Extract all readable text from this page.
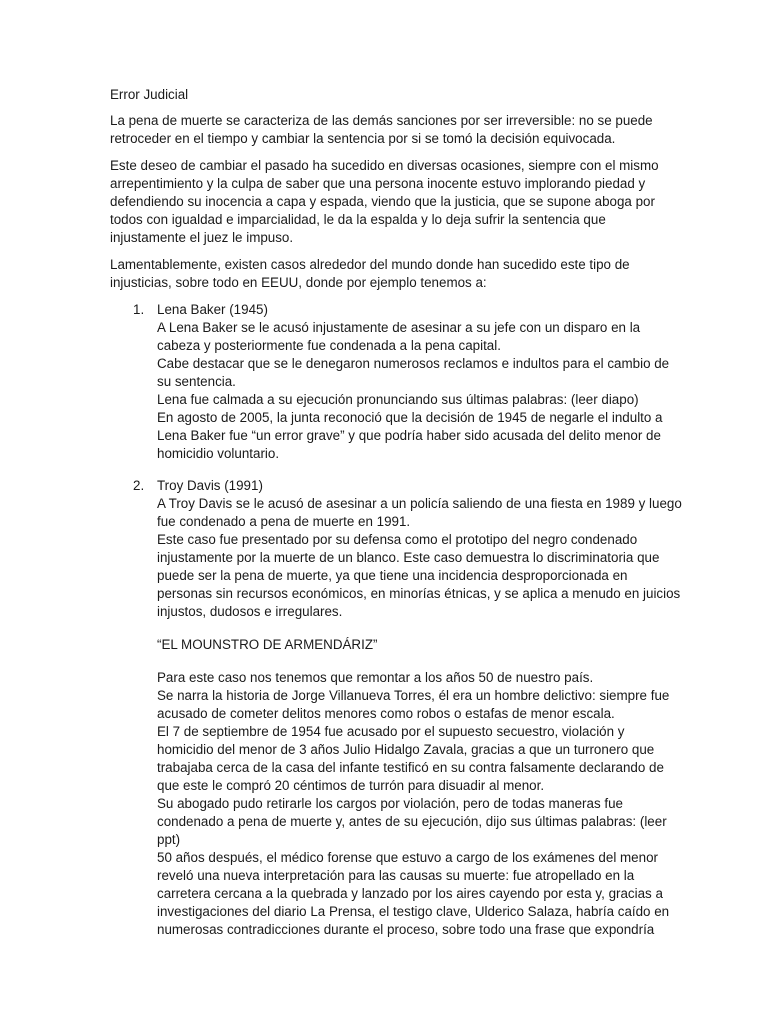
Error Judicial
La pena de muerte se caracteriza de las demás sanciones por ser irreversible: no se puede
retroceder en el tiempo y cambiar la sentencia por si se tomó la decisión equivocada.
Este deseo de cambiar el pasado ha sucedido en diversas ocasiones, siempre con el mismo
arrepentimiento y la culpa de saber que una persona inocente estuvo implorando piedad y
defendiendo su inocencia a capa y espada, viendo que la justicia, que se supone aboga por
todos con igualdad e imparcialidad, le da la espalda y lo deja sufrir la sentencia que
injustamente el juez le impuso.
Lamentablemente, existen casos alrededor del mundo donde han sucedido este tipo de
injusticias, sobre todo en EEUU, donde por ejemplo tenemos a:
1. Lena Baker (1945)
A Lena Baker se le acusó injustamente de asesinar a su jefe con un disparo en la
cabeza y posteriormente fue condenada a la pena capital.
Cabe destacar que se le denegaron numerosos reclamos e indultos para el cambio de
su sentencia.
Lena fue calmada a su ejecución pronunciando sus últimas palabras: (leer diapo)
En agosto de 2005, la junta reconoció que la decisión de 1945 de negarle el indulto a
Lena Baker fue “un error grave” y que podría haber sido acusada del delito menor de
homicidio voluntario.
2. Troy Davis (1991)
A Troy Davis se le acusó de asesinar a un policía saliendo de una fiesta en 1989 y luego
fue condenado a pena de muerte en 1991.
Este caso fue presentado por su defensa como el prototipo del negro condenado
injustamente por la muerte de un blanco. Este caso demuestra lo discriminatoria que
puede ser la pena de muerte, ya que tiene una incidencia desproporcionada en
personas sin recursos económicos, en minorías étnicas, y se aplica a menudo en juicios
injustos, dudosos e irregulares.
“EL MOUNSTRO DE ARMENDÁRIZ”
Para este caso nos tenemos que remontar a los años 50 de nuestro país.
Se narra la historia de Jorge Villanueva Torres, él era un hombre delictivo: siempre fue
acusado de cometer delitos menores como robos o estafas de menor escala.
El 7 de septiembre de 1954 fue acusado por el supuesto secuestro, violación y
homicidio del menor de 3 años Julio Hidalgo Zavala, gracias a que un turronero que
trabajaba cerca de la casa del infante testificó en su contra falsamente declarando de
que este le compró 20 céntimos de turrón para disuadir al menor.
Su abogado pudo retirarle los cargos por violación, pero de todas maneras fue
condenado a pena de muerte y, antes de su ejecución, dijo sus últimas palabras: (leer
ppt)
50 años después, el médico forense que estuvo a cargo de los exámenes del menor
reveló una nueva interpretación para las causas su muerte: fue atropellado en la
carretera cercana a la quebrada y lanzado por los aires cayendo por esta y, gracias a
investigaciones del diario La Prensa, el testigo clave, Ulderico Salaza, habría caído en
numerosas contradicciones durante el proceso, sobre todo una frase que expondría
